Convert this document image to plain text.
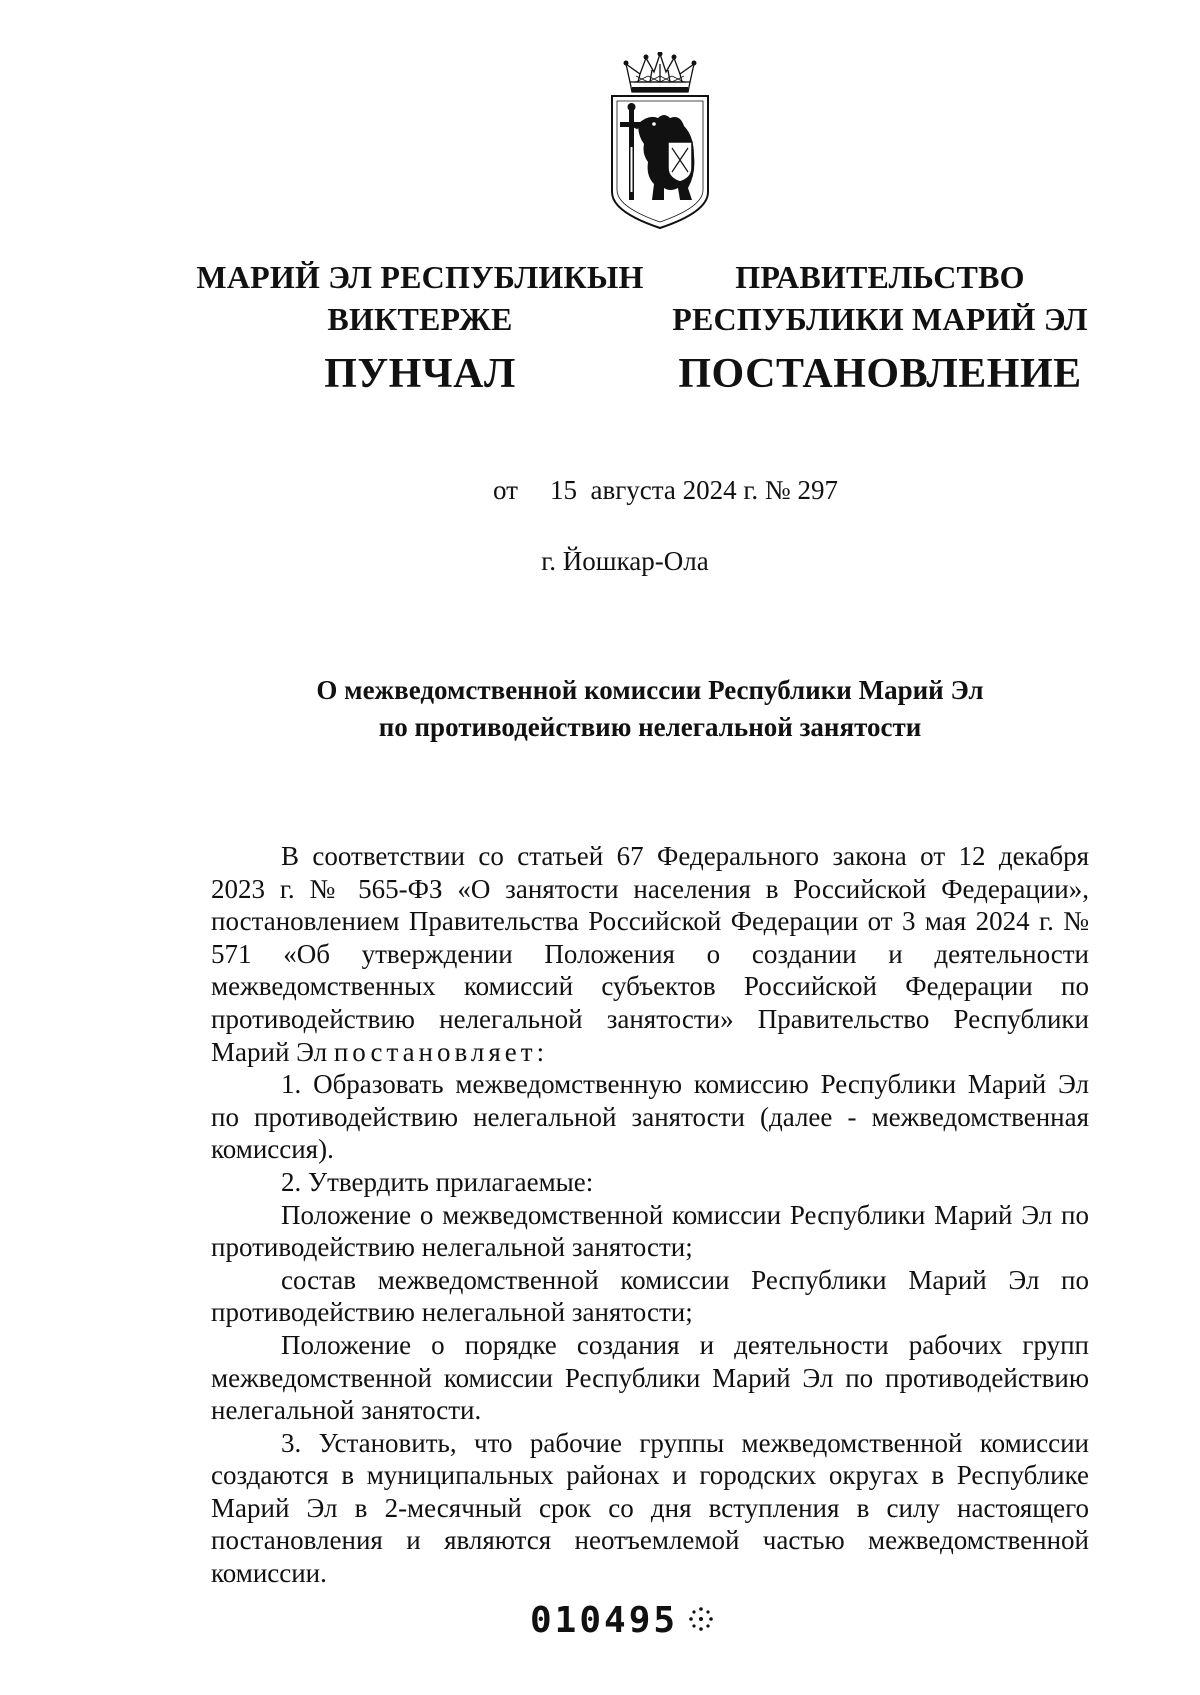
МАРИЙ ЭЛ РЕСПУБЛИКЫН
ВИКТЕРЖЕ
ПУНЧАЛ
ПРАВИТЕЛЬСТВО
РЕСПУБЛИКИ МАРИЙ ЭЛ
ПОСТАНОВЛЕНИЕ
от 15  августа 2024 г. № 297
г. Йошкар-Ола
О межведомственной комиссии Республики Марий Эл
по противодействию нелегальной занятости

В соответствии со статьей 67 Федерального закона от 12 декабря 2023 г. № 565-ФЗ «О занятости населения в Российской Федерации», постановлением Правительства Российской Федерации от 3 мая 2024 г. № 571 «Об утверждении Положения о создании и деятельности межведомственных комиссий субъектов Российской Федерации по противодействию нелегальной занятости» Правительство Республики Марий Эл постановляет:

1. Образовать межведомственную комиссию Республики Марий Эл по противодействию нелегальной занятости (далее - межведомственная комиссия).

2. Утвердить прилагаемые:

Положение о межведомственной комиссии Республики Марий Эл по противодействию нелегальной занятости;

состав межведомственной комиссии Республики Марий Эл по противодействию нелегальной занятости;

Положение о порядке создания и деятельности рабочих групп межведомственной комиссии Республики Марий Эл по противодействию нелегальной занятости.

3. Установить, что рабочие группы межведомственной комиссии создаются в муниципальных районах и городских округах в Республике Марий Эл в 2-месячный срок со дня вступления в силу настоящего постановления и являются неотъемлемой частью межведомственной комиссии.

010495
